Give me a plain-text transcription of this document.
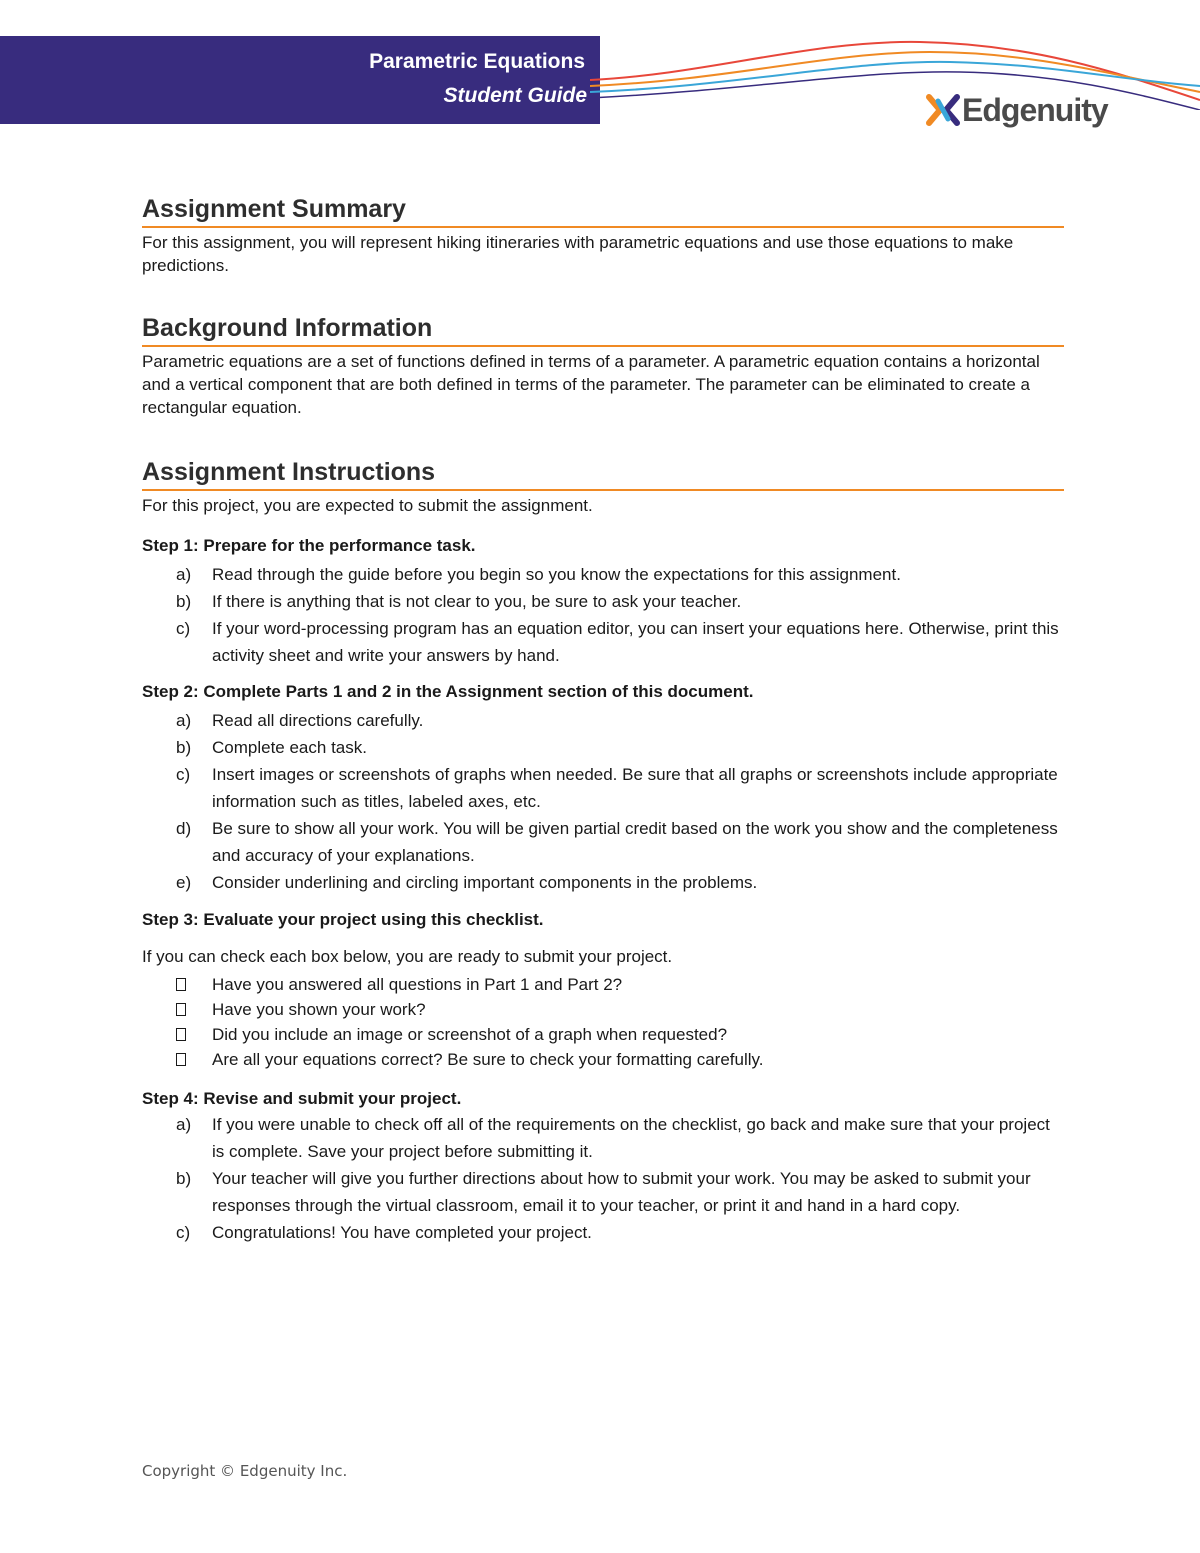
Parametric Equations
Student Guide	Edgenuity
Assignment Summary

For this assignment, you will represent hiking itineraries with parametric equations and use those equations to make predictions.

Background Information

Parametric equations are a set of functions defined in terms of a parameter. A parametric equation contains a horizontal and a vertical component that are both defined in terms of the parameter. The parameter can be eliminated to create a rectangular equation.

Assignment Instructions

For this project, you are expected to submit the assignment.

Step 1: Prepare for the performance task.

a) Read through the guide before you begin so you know the expectations for this assignment.
b) If there is anything that is not clear to you, be sure to ask your teacher.
c) If your word-processing program has an equation editor, you can insert your equations here. Otherwise, print this activity sheet and write your answers by hand.

Step 2: Complete Parts 1 and 2 in the Assignment section of this document.

a) Read all directions carefully.
b) Complete each task.
c) Insert images or screenshots of graphs when needed. Be sure that all graphs or screenshots include appropriate information such as titles, labeled axes, etc.
d) Be sure to show all your work. You will be given partial credit based on the work you show and the completeness and accuracy of your explanations.
e) Consider underlining and circling important components in the problems.

Step 3: Evaluate your project using this checklist.

If you can check each box below, you are ready to submit your project.

Have you answered all questions in Part 1 and Part 2?
Have you shown your work?
Did you include an image or screenshot of a graph when requested?
Are all your equations correct? Be sure to check your formatting carefully.

Step 4: Revise and submit your project.

a) If you were unable to check off all of the requirements on the checklist, go back and make sure that your project is complete. Save your project before submitting it.
b) Your teacher will give you further directions about how to submit your work. You may be asked to submit your responses through the virtual classroom, email it to your teacher, or print it and hand in a hard copy.
c) Congratulations! You have completed your project.
Copyright © Edgenuity Inc.
